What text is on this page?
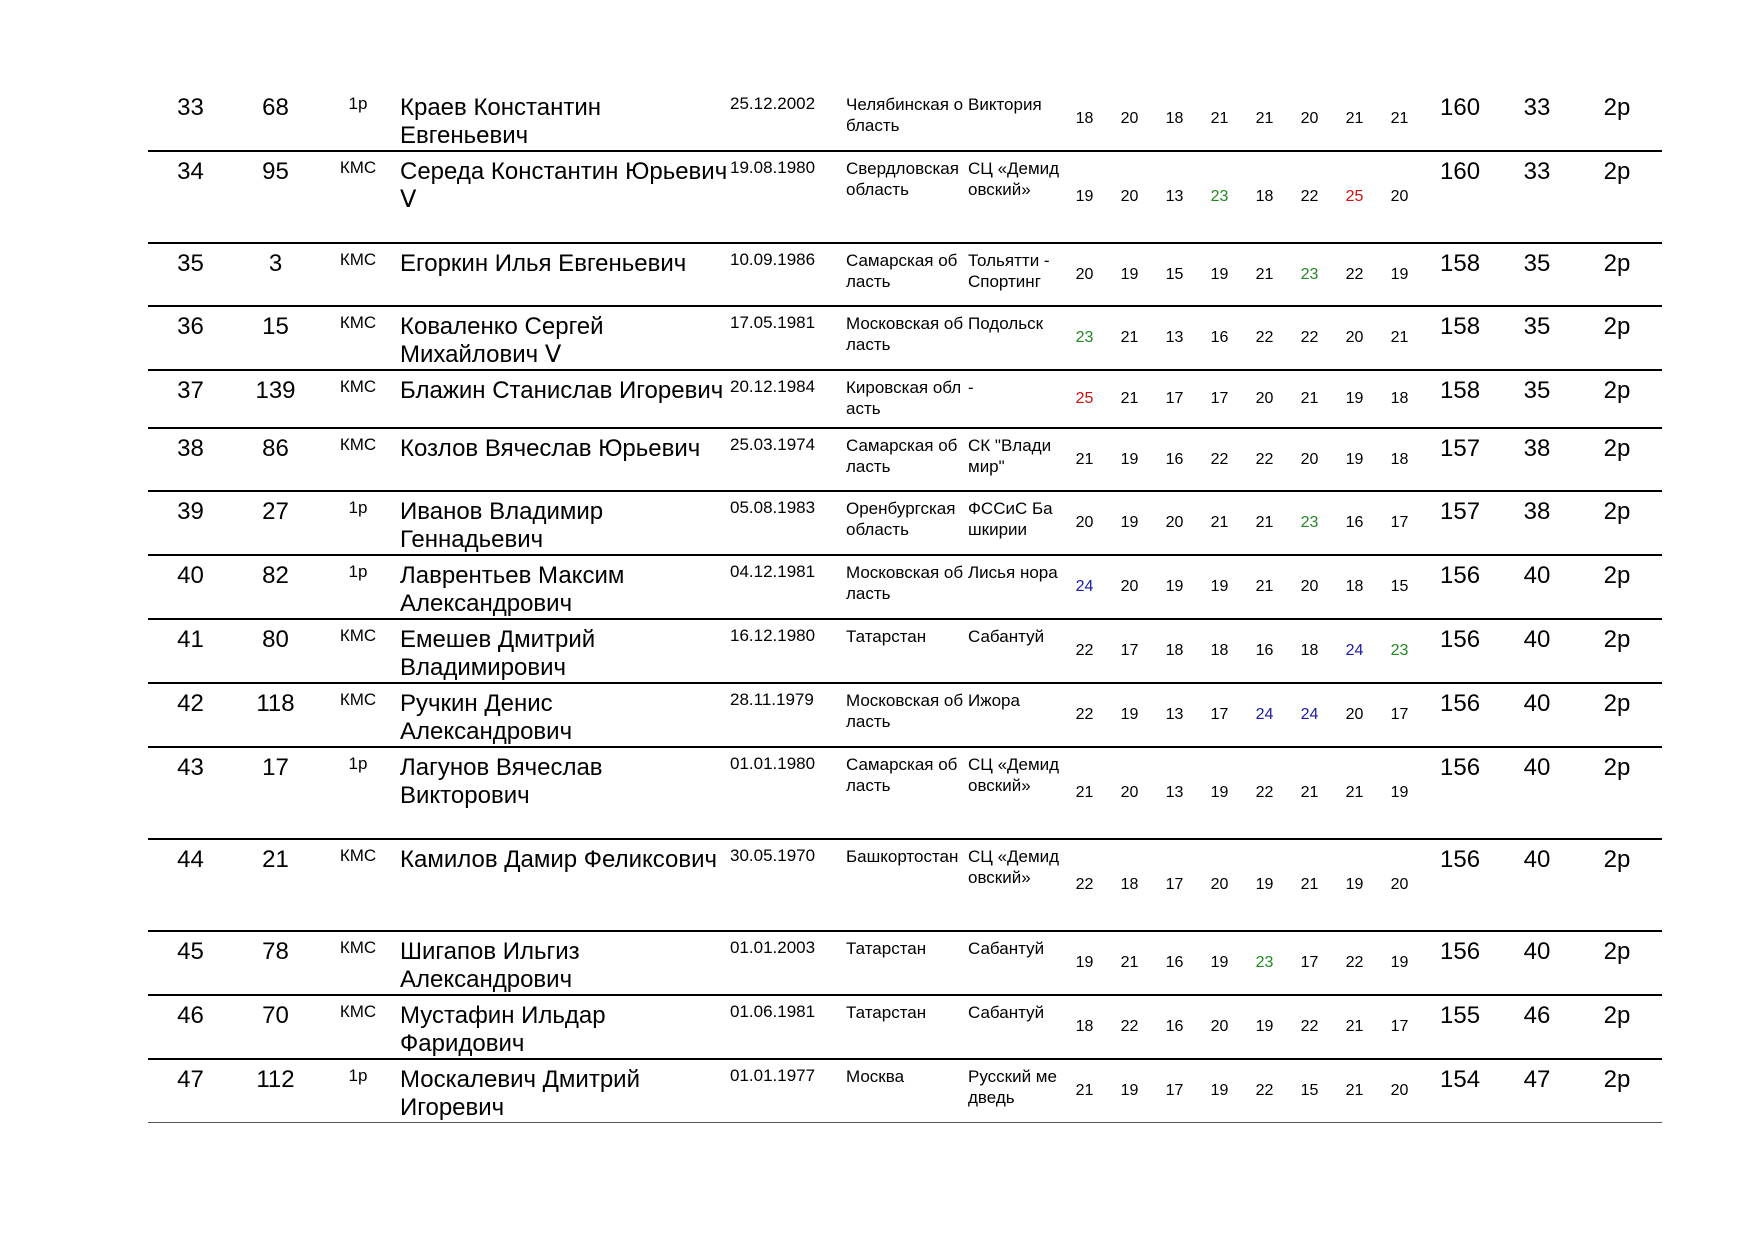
33	68	1р	Краев Константин Евгеньевич	25.12.2002	Челябинская область	Виктория	18	20	18	21	21	20	21	21	160	33	2р
34	95	КМС	Середа Константин Юрьевич ᐯ	19.08.1980	Свердловская область	СЦ «Демидовский»	19	20	13	23	18	22	25	20	160	33	2р
35	3	КМС	Егоркин Илья Евгеньевич	10.09.1986	Самарская область	Тольятти - Спортинг	20	19	15	19	21	23	22	19	158	35	2р
36	15	КМС	Коваленко Сергей Михайлович ᐯ	17.05.1981	Московская область	Подольск	23	21	13	16	22	22	20	21	158	35	2р
37	139	КМС	Блажин Станислав Игоревич	20.12.1984	Кировская область	-	25	21	17	17	20	21	19	18	158	35	2р
38	86	КМС	Козлов Вячеслав Юрьевич	25.03.1974	Самарская область	СК "Владимир"	21	19	16	22	22	20	19	18	157	38	2р
39	27	1р	Иванов Владимир Геннадьевич	05.08.1983	Оренбургская область	ФССиС Башкирии	20	19	20	21	21	23	16	17	157	38	2р
40	82	1р	Лаврентьев Максим Александрович	04.12.1981	Московская область	Лисья нора	24	20	19	19	21	20	18	15	156	40	2р
41	80	КМС	Емешев Дмитрий Владимирович	16.12.1980	Татарстан	Сабантуй	22	17	18	18	16	18	24	23	156	40	2р
42	118	КМС	Ручкин Денис Александрович	28.11.1979	Московская область	Ижора	22	19	13	17	24	24	20	17	156	40	2р
43	17	1р	Лагунов Вячеслав Викторович	01.01.1980	Самарская область	СЦ «Демидовский»	21	20	13	19	22	21	21	19	156	40	2р
44	21	КМС	Камилов Дамир Феликсович	30.05.1970	Башкортостан	СЦ «Демидовский»	22	18	17	20	19	21	19	20	156	40	2р
45	78	КМС	Шигапов Ильгиз Александрович	01.01.2003	Татарстан	Сабантуй	19	21	16	19	23	17	22	19	156	40	2р
46	70	КМС	Мустафин Ильдар Фаридович	01.06.1981	Татарстан	Сабантуй	18	22	16	20	19	22	21	17	155	46	2р
47	112	1р	Москалевич Дмитрий Игоревич	01.01.1977	Москва	Русский медведь	21	19	17	19	22	15	21	20	154	47	2р
